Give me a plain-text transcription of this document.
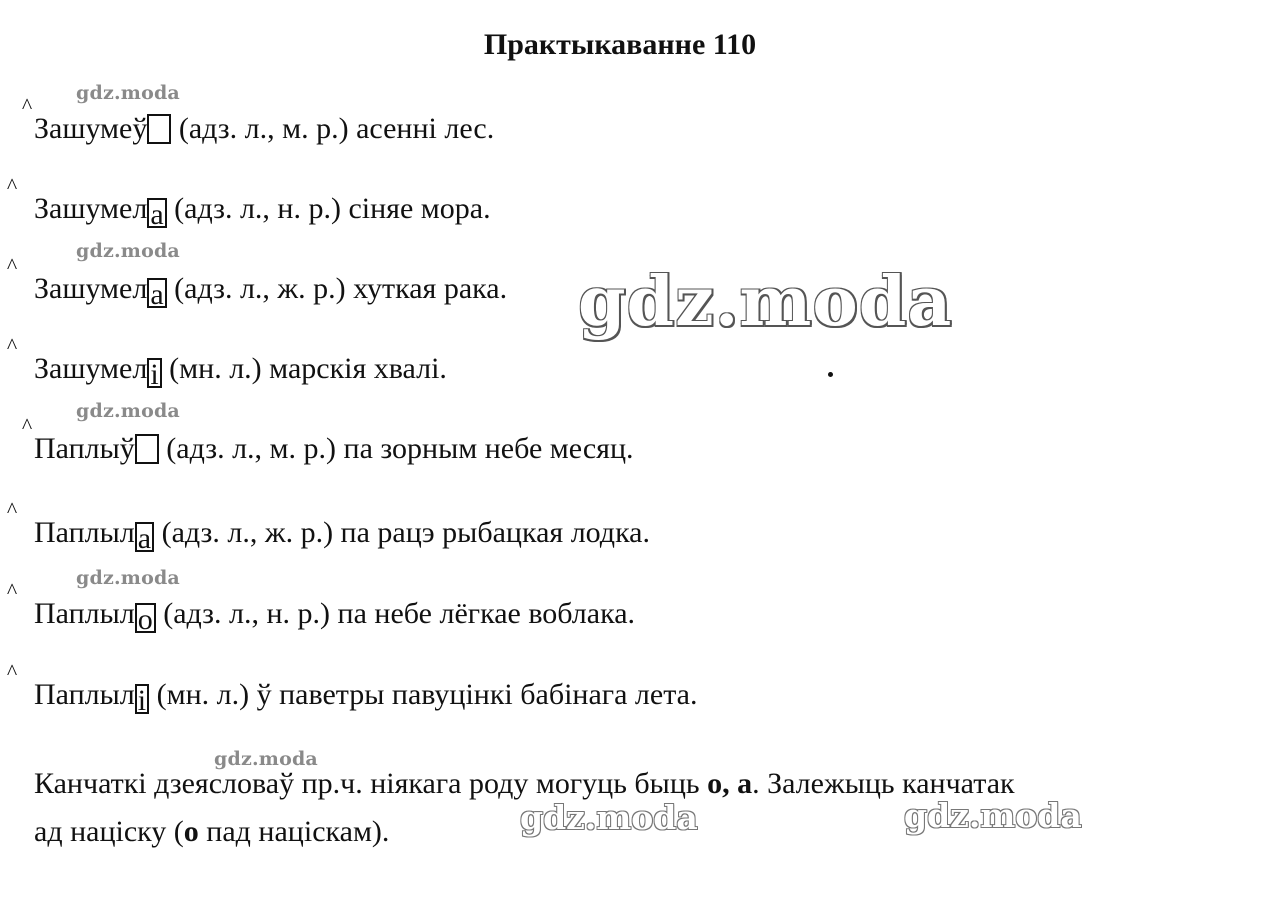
Практыкаванне 110
gdz.moda
gdz.moda
gdz.moda
gdz.moda
gdz.moda
gdz.moda	gdz.moda
Зашуме
^
ў (адз. л., м. р.) асенні лес.
Зашумел
^
а (адз. л., н. р.) сіняе мора.
Зашумел
^
а (адз. л., ж. р.) хуткая рака.
Зашумел
^
і (мн. л.) марскія хвалі.
Паплы
^
ў (адз. л., м. р.) па зорным небе месяц.
Паплыл
^
а (адз. л., ж. р.) па рацэ рыбацкая лодка.
Паплыл
^
о (адз. л., н. р.) па небе лёгкае воблака.
Паплыл
^
і (мн. л.) ў паветры павуцінкі бабінага лета.
gdz.moda
Канчаткі дзеясловаў пр.ч. ніякага роду могуць быць о, а. Залежыць канчатак
ад націску (о пад націскам).
